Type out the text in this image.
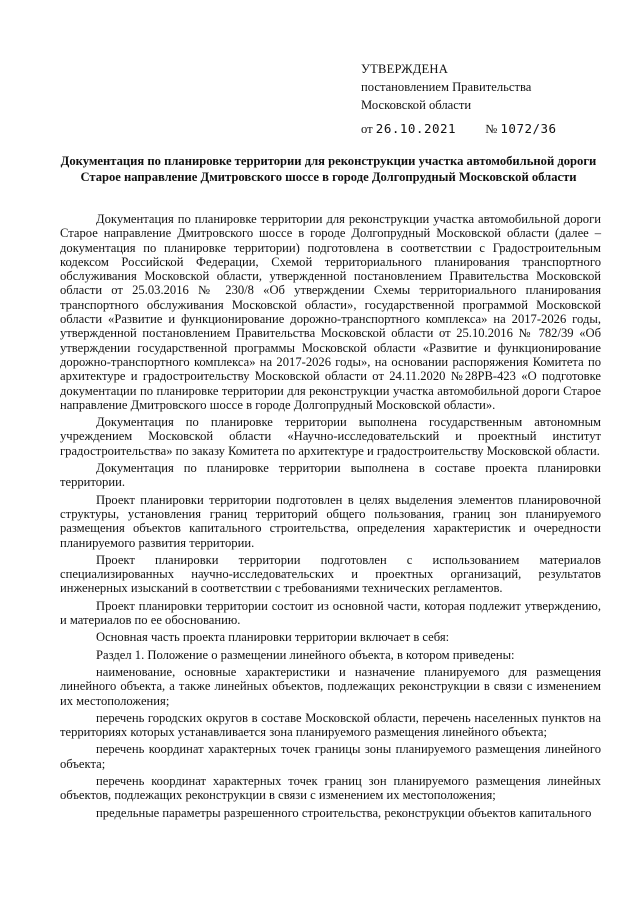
УТВЕРЖДЕНА
постановлением Правительства
Московской области
от 26.10.2021 № 1072/36
Документация по планировке территории для реконструкции участка автомобильной дороги Старое направление Дмитровского шоссе в городе Долгопрудный Московской области

Документация по планировке территории для реконструкции участка автомобильной дороги Старое направление Дмитровского шоссе в городе Долгопрудный Московской области (далее – документация по планировке территории) подготовлена в соответствии с Градостроительным кодексом Российской Федерации, Схемой территориального планирования транспортного обслуживания Московской области, утвержденной постановлением Правительства Московской области от 25.03.2016 № 230/8 «Об утверждении Схемы территориального планирования транспортного обслуживания Московской области», государственной программой Московской области «Развитие и функционирование дорожно-транспортного комплекса» на 2017-2026 годы, утвержденной постановлением Правительства Московской области от 25.10.2016 № 782/39 «Об утверждении государственной программы Московской области «Развитие и функционирование дорожно-транспортного комплекса» на 2017-2026 годы», на основании распоряжения Комитета по архитектуре и градостроительству Московской области от 24.11.2020 №28РВ-423 «О подготовке документации по планировке территории для реконструкции участка автомобильной дороги Старое направление Дмитровского шоссе в городе Долгопрудный Московской области».

Документация по планировке территории выполнена государственным автономным учреждением Московской области «Научно-исследовательский и проектный институт градостроительства» по заказу Комитета по архитектуре и градостроительству Московской области.

Документация по планировке территории выполнена в составе проекта планировки территории.

Проект планировки территории подготовлен в целях выделения элементов планировочной структуры, установления границ территорий общего пользования, границ зон планируемого размещения объектов капитального строительства, определения характеристик и очередности планируемого развития территории.

Проект планировки территории подготовлен с использованием материалов специализированных научно-исследовательских и проектных организаций, результатов инженерных изысканий в соответствии с требованиями технических регламентов.

Проект планировки территории состоит из основной части, которая подлежит утверждению, и материалов по ее обоснованию.

Основная часть проекта планировки территории включает в себя:

Раздел 1. Положение о размещении линейного объекта, в котором приведены:

наименование, основные характеристики и назначение планируемого для размещения линейного объекта, а также линейных объектов, подлежащих реконструкции в связи с изменением их местоположения;

перечень городских округов в составе Московской области, перечень населенных пунктов на территориях которых устанавливается зона планируемого размещения линейного объекта;

перечень координат характерных точек границы зоны планируемого размещения линейного объекта;

перечень координат характерных точек границ зон планируемого размещения линейных объектов, подлежащих реконструкции в связи с изменением их местоположения;

предельные параметры разрешенного строительства, реконструкции объектов капитального
